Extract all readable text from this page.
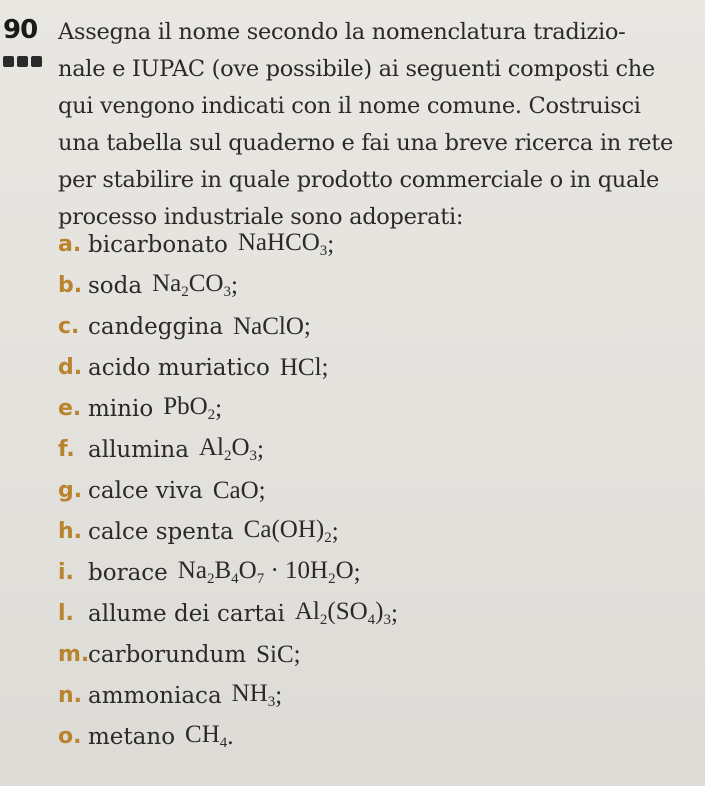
90 Assegna il nome secondo la nomenclatura tradizio-
nale e IUPAC (ove possibile) ai seguenti composti che
qui vengono indicati con il nome comune. Costruisci
una tabella sul quaderno e fai una breve ricerca in rete
per stabilire in quale prodotto commerciale o in quale
processo industriale sono adoperati:
a. bicarbonato NaHCO$_3$ ;
b. soda $Na_2CO_3$ ;
c. candeggina NaClO ;
d. acido muriatico HCl ;
e. minio PbO$_2$ ;
f. allumina $Al_2O_3$ ;
g. calce viva CaO ;
h. calce spenta $Ca(OH)_2$ ;
i. borace $Na_2B_4O_7 \cdot 10H_2O$ ;
l. allume dei cartai $Al_2(SO_4)_3$ ;
m.
carborundum SiC ;
n. ammoniaca $NH_3$ ;
o. metano $CH_4$ .
